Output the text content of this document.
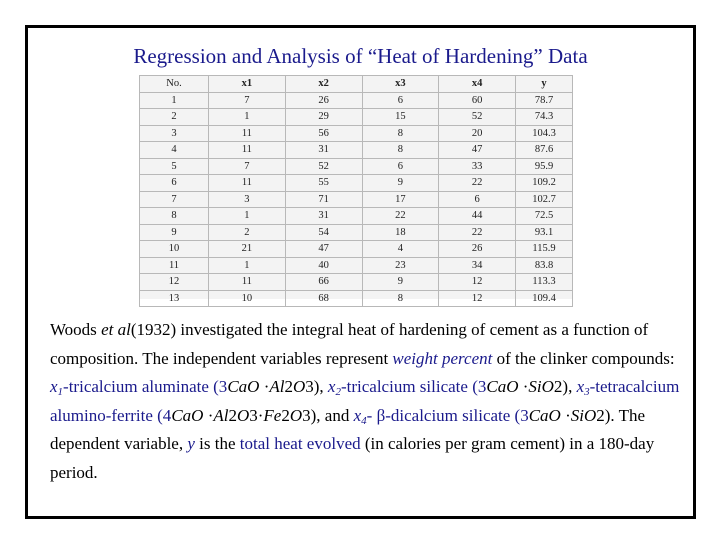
Regression and Analysis of “Heat of Hardening” Data
No.	x1	x2	x3	x4	y
1	7	26	6	60	78.7
2	1	29	15	52	74.3
3	11	56	8	20	104.3
4	11	31	8	47	87.6
5	7	52	6	33	95.9
6	11	55	9	22	109.2
7	3	71	17	6	102.7
8	1	31	22	44	72.5
9	2	54	18	22	93.1
10	21	47	4	26	115.9
11	1	40	23	34	83.8
12	11	66	9	12	113.3
13	10	68	8	12	109.4

Woods et al(1932) investigated the integral heat of hardening of cement as a function of composition. The independent variables represent weight percent of the clinker compounds: $x_1$-tricalcium aluminate (3CaO ·Al2O3), $x_2$-tricalcium silicate (3CaO ·SiO2), $x_3$-tetracalcium alumino-ferrite (4CaO ·Al2O3·Fe2O3), and $x_4-$ β-dicalcium silicate (3CaO ·SiO2). The dependent variable, y is the total heat evolved (in calories per gram cement) in a 180-day period.
